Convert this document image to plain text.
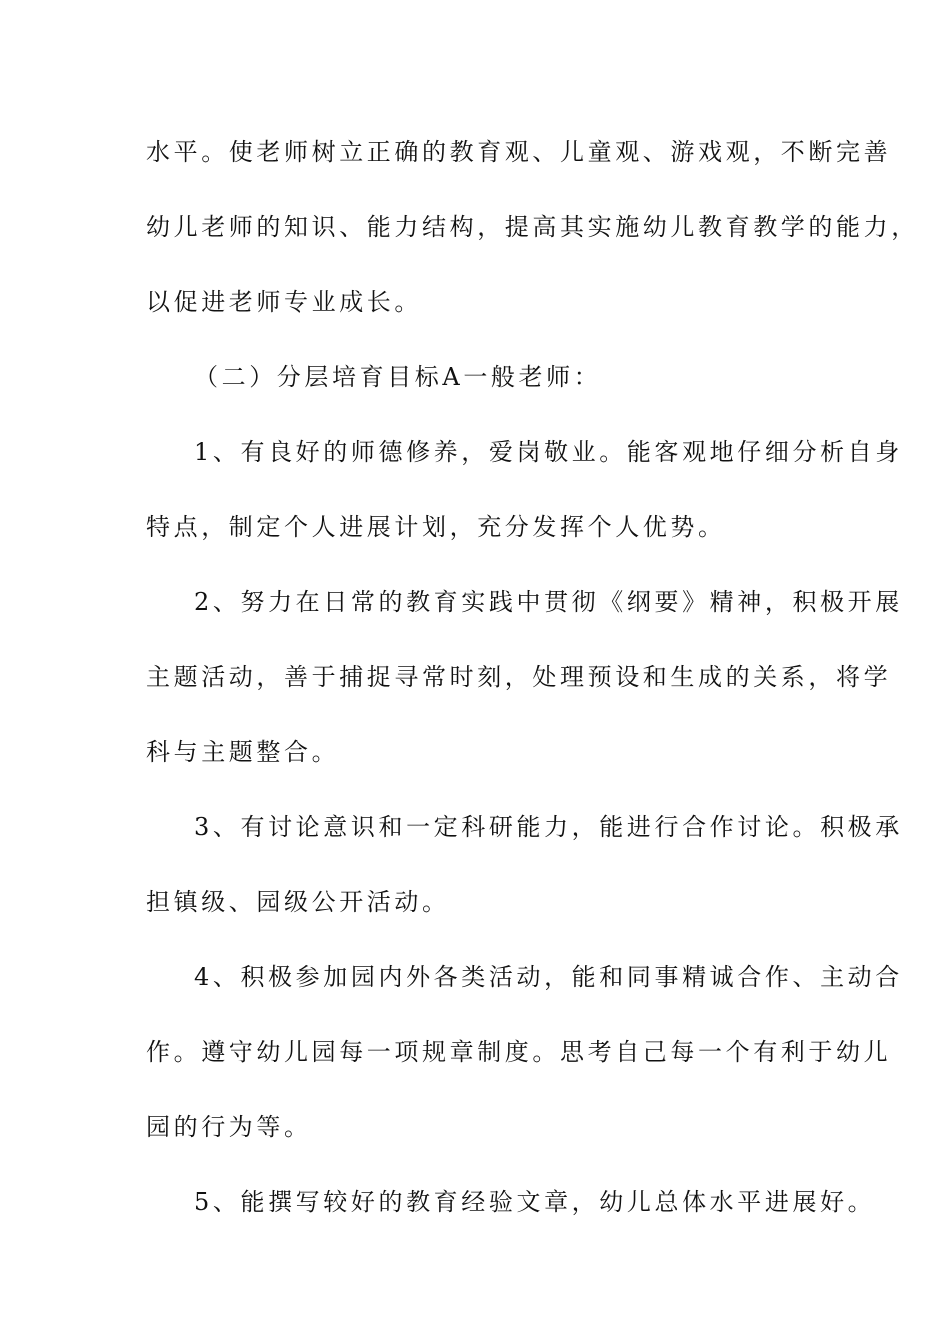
水平。使老师树立正确的教育观、儿童观、游戏观，不断完善
幼儿老师的知识、能力结构，提高其实施幼儿教育教学的能力，
以促进老师专业成长。
（二）分层培育目标A一般老师：
1、有良好的师德修养，爱岗敬业。能客观地仔细分析自身
特点，制定个人进展计划，充分发挥个人优势。
2、努力在日常的教育实践中贯彻《纲要》精神，积极开展
主题活动，善于捕捉寻常时刻，处理预设和生成的关系，将学
科与主题整合。
3、有讨论意识和一定科研能力，能进行合作讨论。积极承
担镇级、园级公开活动。
4、积极参加园内外各类活动，能和同事精诚合作、主动合
作。遵守幼儿园每一项规章制度。思考自己每一个有利于幼儿
园的行为等。
5、能撰写较好的教育经验文章，幼儿总体水平进展好。
